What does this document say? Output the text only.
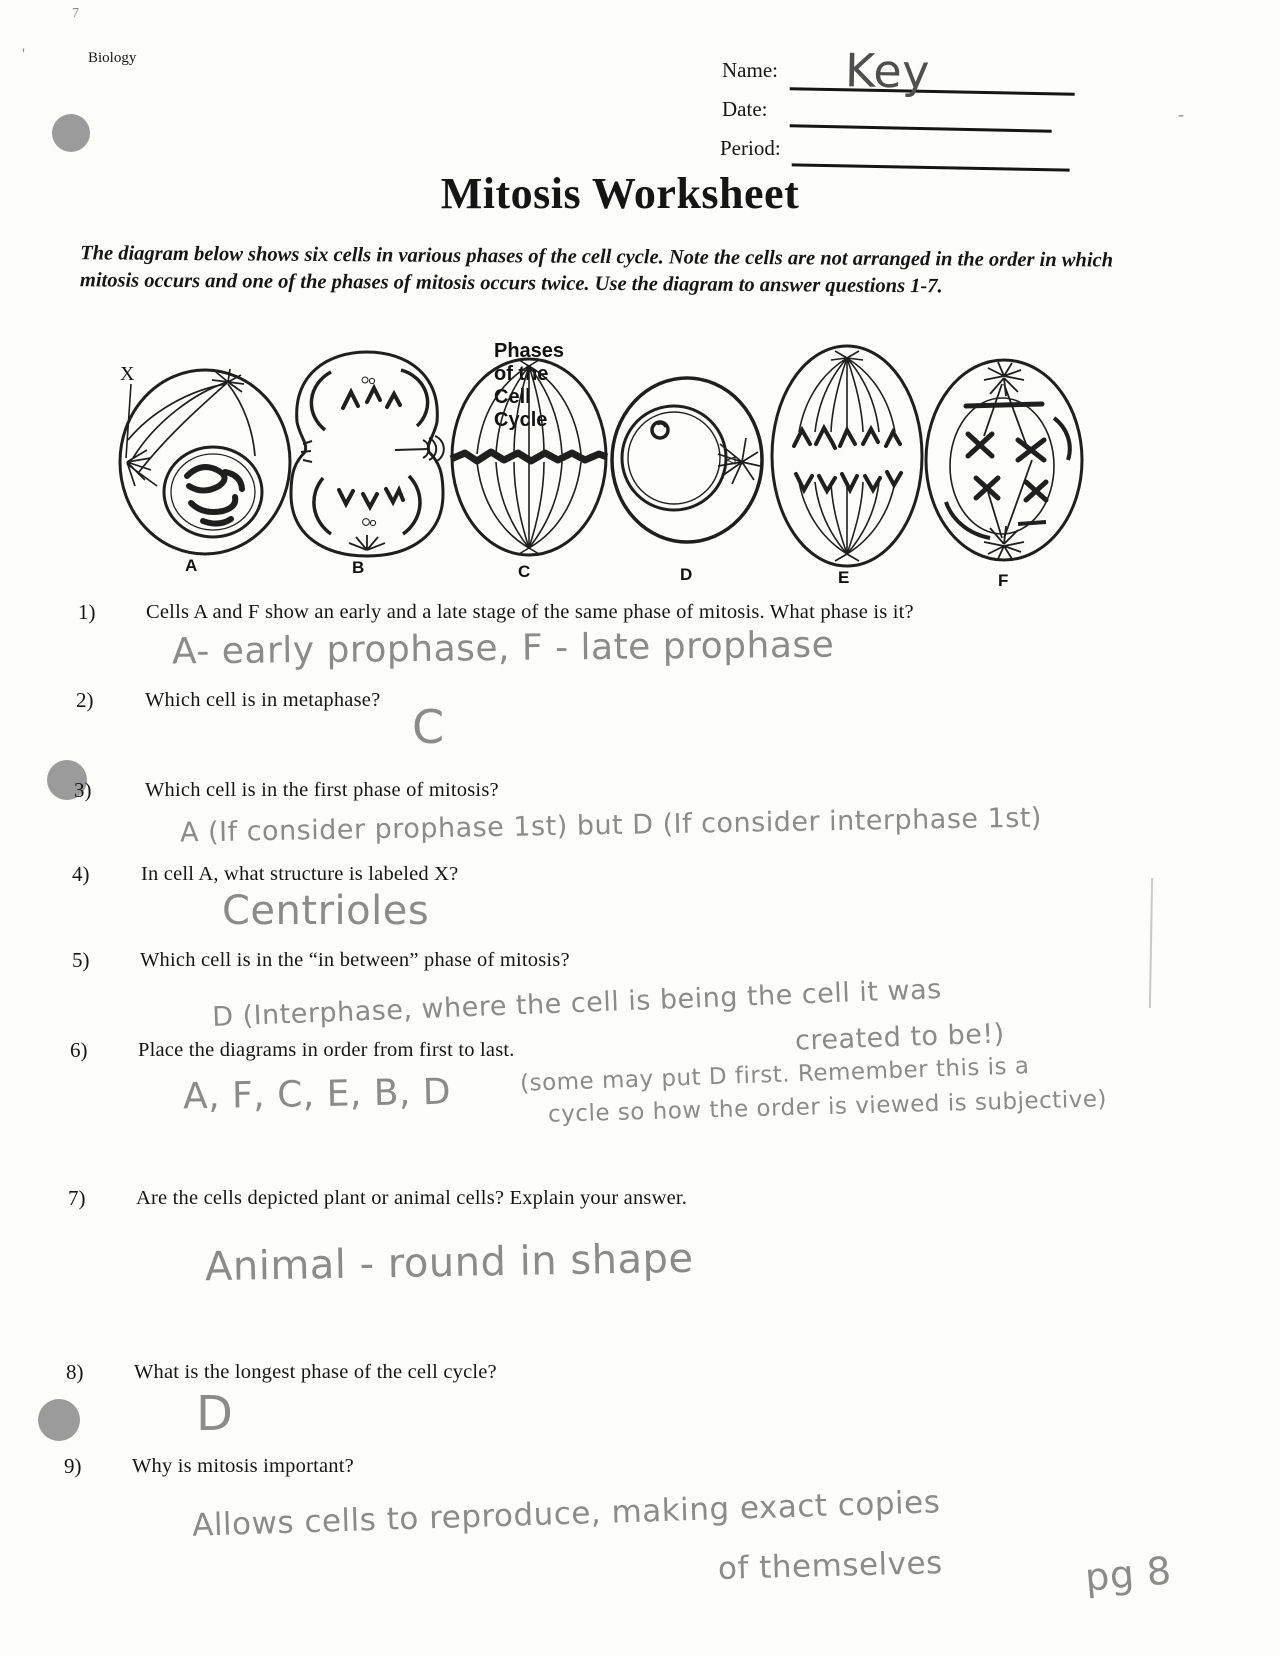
7
'
-
Biology	Name: Key
Date:
Period:
Mitosis Worksheet
The diagram below shows six cells in various phases of the cell cycle. Note the cells are not arranged in the order in which mitosis occurs and one of the phases of mitosis occurs twice. Use the diagram to answer questions 1-7.
Phases of the Cell Cycle
X
A	B	C	D	E	F
1) Cells A and F show an early and a late stage of the same phase of mitosis. What phase is it?
A- early prophase, F - late prophase
2)	Which cell is in metaphase? C
3)	Which cell is in the first phase of mitosis?
A (If consider prophase 1st) but D (If consider interphase 1st)
4)	In cell A, what structure is labeled X?
Centrioles
5) Which cell is in the “in between” phase of mitosis?
D (Interphase, where the cell is being the cell it was
created to be!)
6) Place the diagrams in order from first to last.
A, F, C, E, B, D	(some may put D first. Remember this is a
cycle so how the order is viewed is subjective)
7) Are the cells depicted plant or animal cells? Explain your answer.
Animal - round in shape
8) What is the longest phase of the cell cycle?
D
9) Why is mitosis important?
Allows cells to reproduce, making exact copies
of themselves	pg 8
